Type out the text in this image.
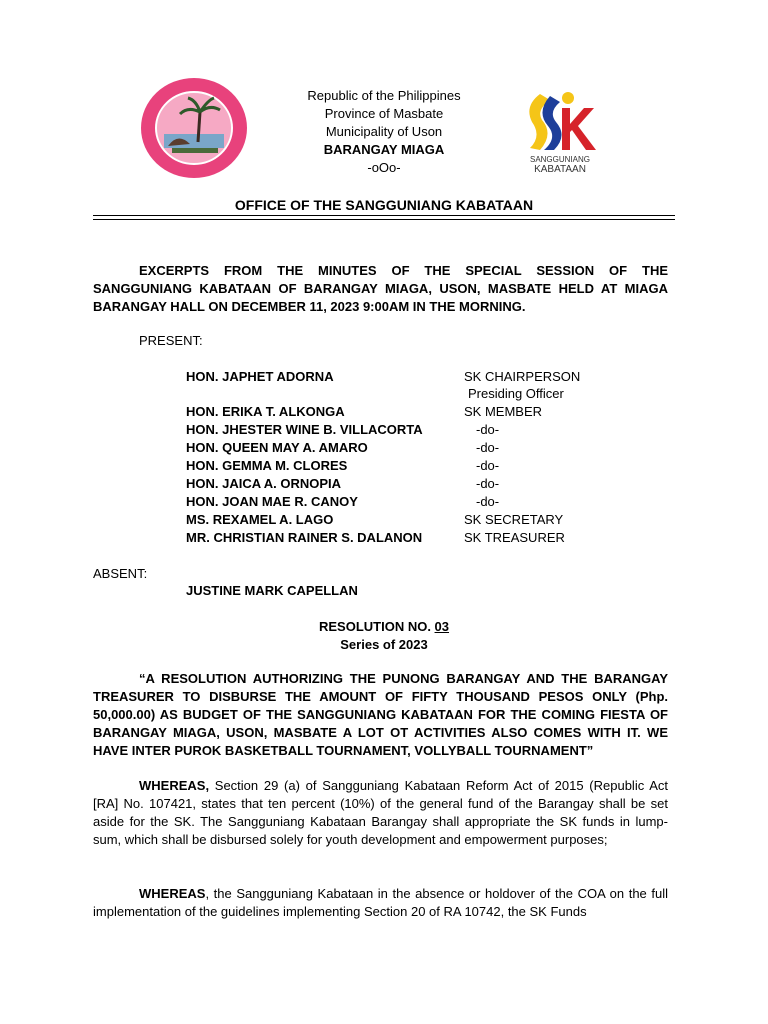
Republic of the Philippines
Province of Masbate
Municipality of Uson
BARANGAY MIAGA
-oOo-
SANGGUNIANG
KABATAAN
OFFICE OF THE SANGGUNIANG KABATAAN
EXCERPTS FROM THE MINUTES OF THE SPECIAL SESSION OF THE SANGGUNIANG KABATAAN OF BARANGAY MIAGA, USON, MASBATE HELD AT MIAGA BARANGAY HALL ON DECEMBER 11, 2023 9:00AM IN THE MORNING.
PRESENT:
HON. JAPHET ADORNA	SK CHAIRPERSON
Presiding Officer
HON. ERIKA T. ALKONGA	SK MEMBER
HON. JHESTER WINE B. VILLACORTA	-do-
HON. QUEEN MAY A. AMARO	-do-
HON. GEMMA M. CLORES	-do-
HON. JAICA A. ORNOPIA	-do-
HON. JOAN MAE R. CANOY	-do-
MS. REXAMEL A. LAGO	SK SECRETARY
MR. CHRISTIAN RAINER S. DALANON	SK TREASURER
ABSENT:
JUSTINE MARK CAPELLAN
RESOLUTION NO. 03
Series of 2023
“A RESOLUTION AUTHORIZING THE PUNONG BARANGAY AND THE BARANGAY TREASURER TO DISBURSE THE AMOUNT OF FIFTY THOUSAND PESOS ONLY (Php. 50,000.00) AS BUDGET OF THE SANGGUNIANG KABATAAN FOR THE COMING FIESTA OF BARANGAY MIAGA, USON, MASBATE A LOT OT ACTIVITIES ALSO COMES WITH IT. WE HAVE INTER PUROK BASKETBALL TOURNAMENT, VOLLYBALL TOURNAMENT”
WHEREAS, Section 29 (a) of Sangguniang Kabataan Reform Act of 2015 (Republic Act [RA] No. 107421, states that ten percent (10%) of the general fund of the Barangay shall be set aside for the SK. The Sangguniang Kabataan Barangay shall appropriate the SK funds in lump-sum, which shall be disbursed solely for youth development and empowerment purposes;
WHEREAS, the Sangguniang Kabataan in the absence or holdover of the COA on the full implementation of the guidelines implementing Section 20 of RA 10742, the SK Funds
